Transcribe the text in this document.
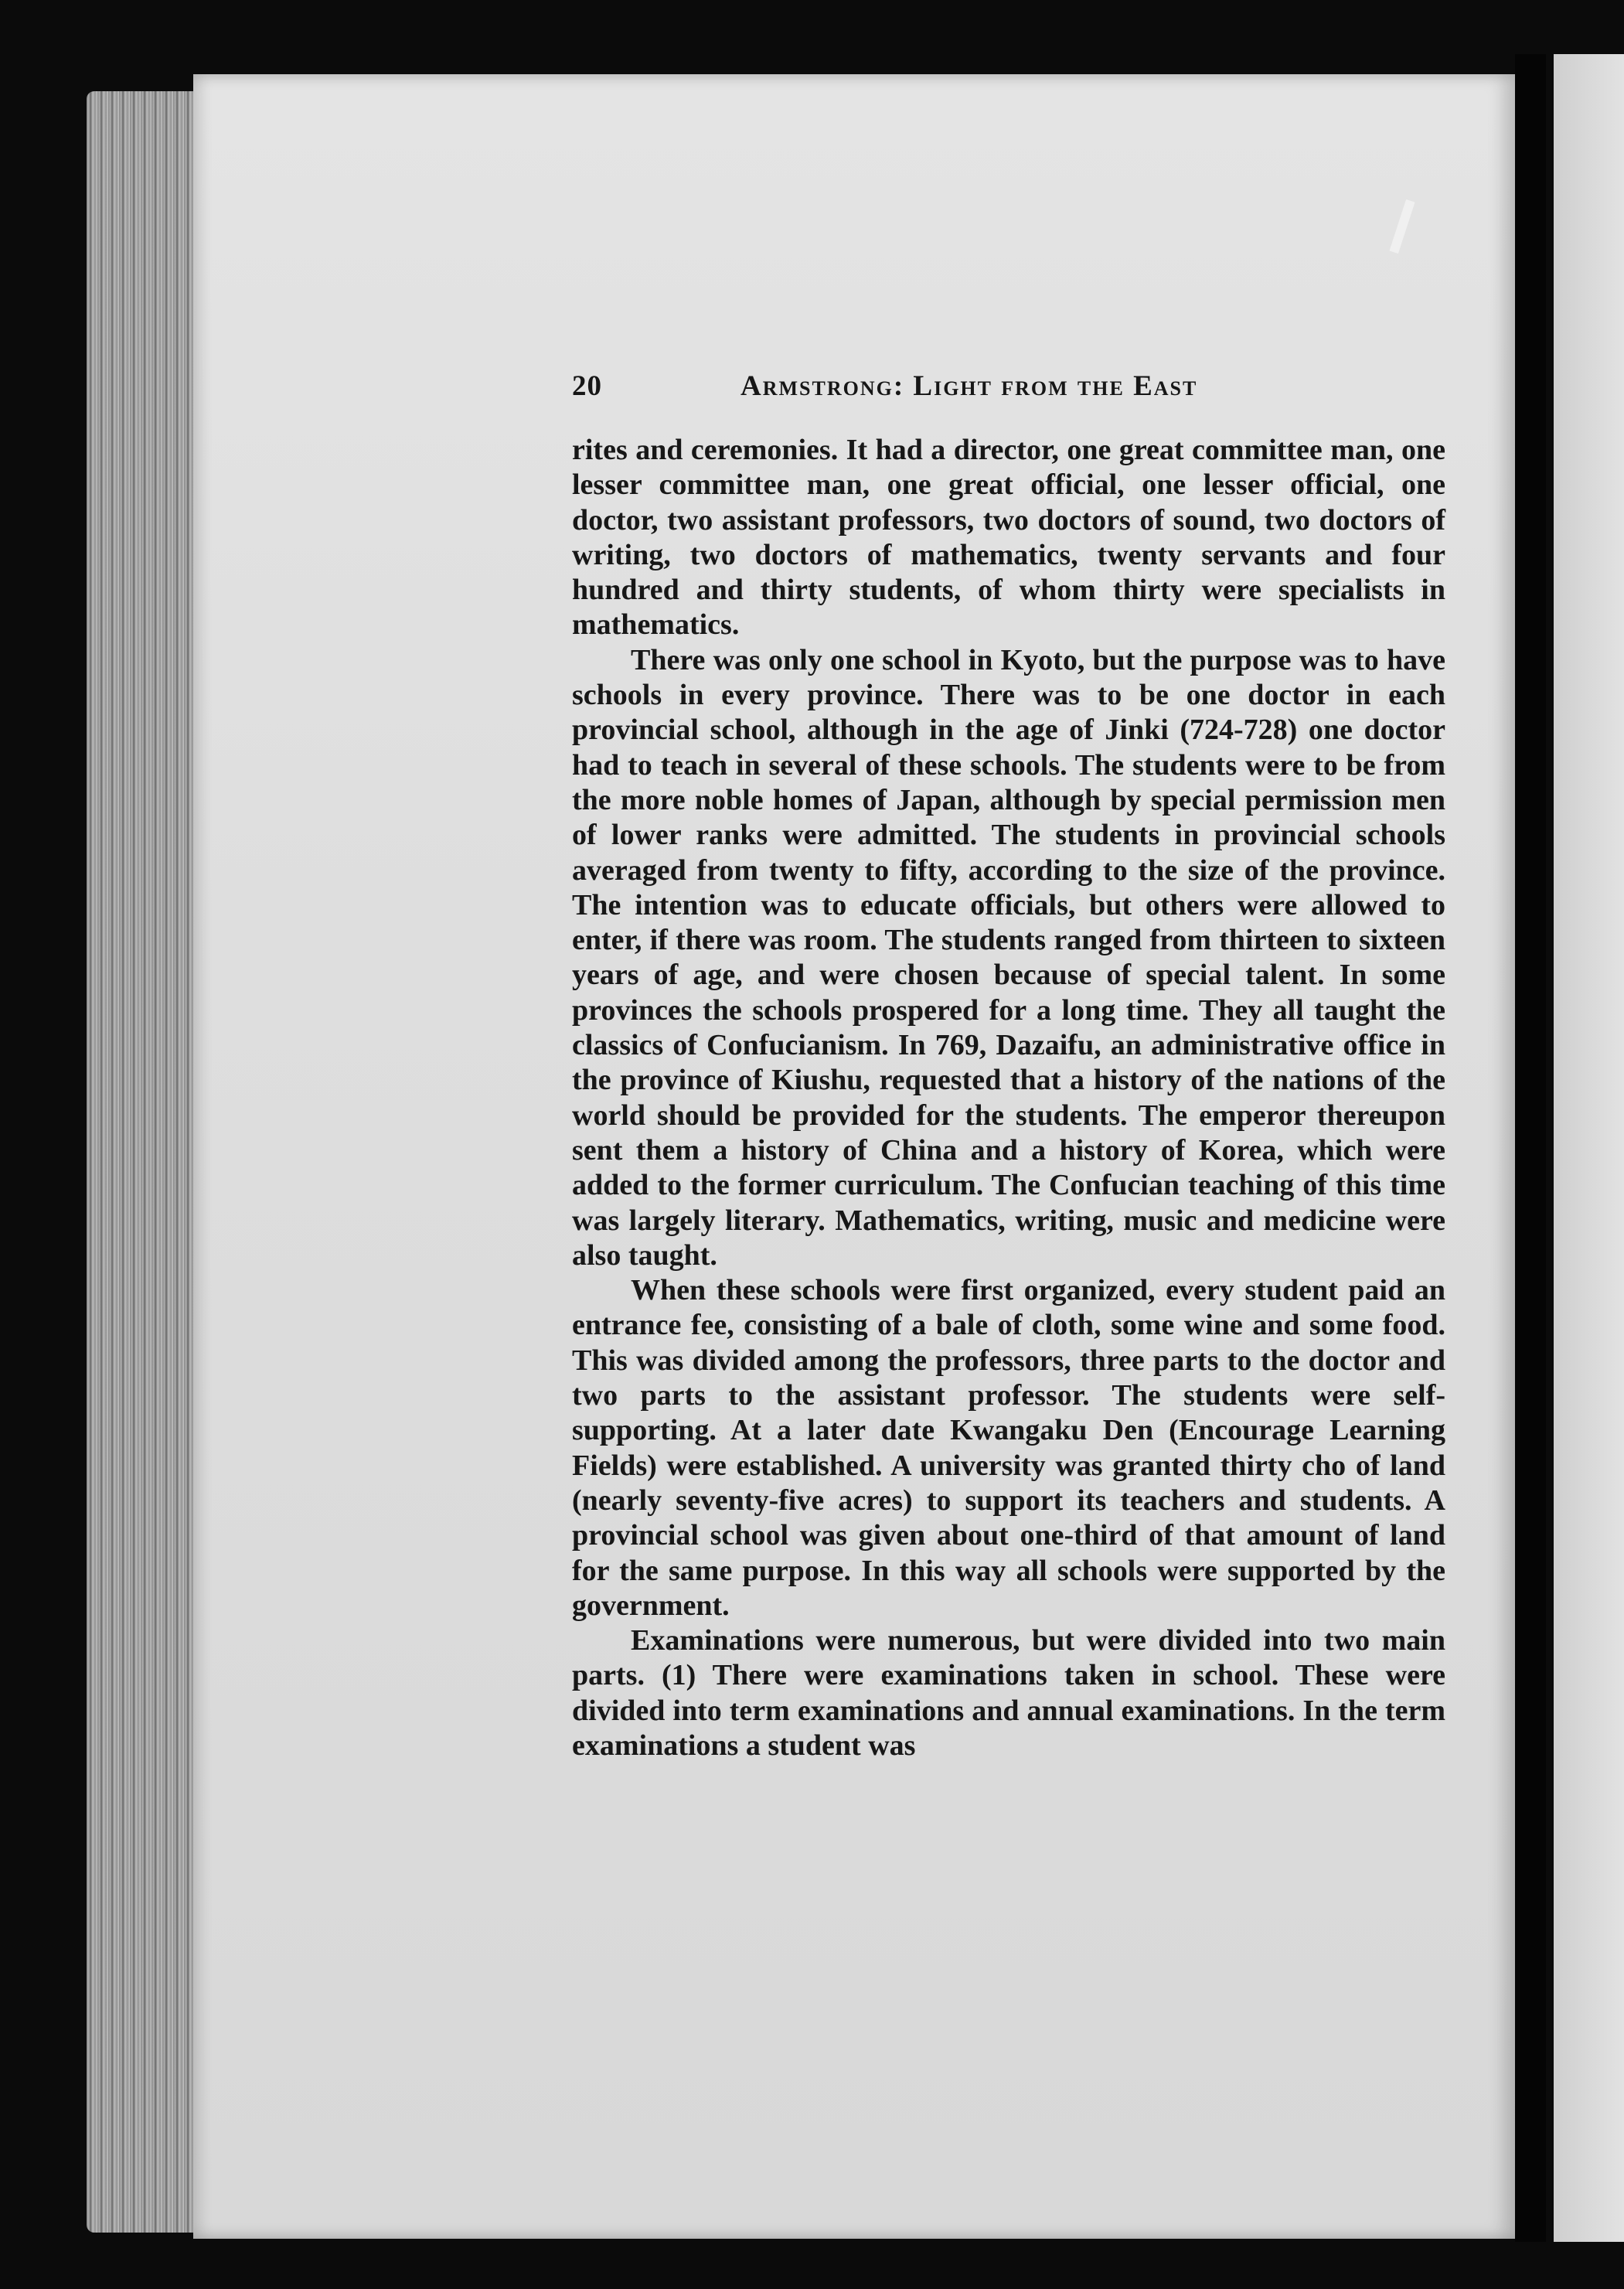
20	Armstrong: Light from the East

rites and ceremonies. It had a director, one great committee man, one lesser committee man, one great official, one lesser official, one doctor, two assistant professors, two doctors of sound, two doctors of writing, two doctors of mathematics, twenty servants and four hundred and thirty students, of whom thirty were specialists in mathematics.

There was only one school in Kyoto, but the purpose was to have schools in every province. There was to be one doctor in each provincial school, although in the age of Jinki (724-728) one doctor had to teach in several of these schools. The students were to be from the more noble homes of Japan, although by special permission men of lower ranks were admitted. The students in provincial schools averaged from twenty to fifty, according to the size of the province. The intention was to educate officials, but others were allowed to enter, if there was room. The students ranged from thirteen to sixteen years of age, and were chosen because of special talent. In some provinces the schools prospered for a long time. They all taught the classics of Confucianism. In 769, Dazaifu, an administrative office in the province of Kiushu, requested that a history of the nations of the world should be provided for the students. The emperor thereupon sent them a history of China and a history of Korea, which were added to the former curriculum. The Confucian teaching of this time was largely literary. Mathematics, writing, music and medicine were also taught.

When these schools were first organized, every student paid an entrance fee, consisting of a bale of cloth, some wine and some food. This was divided among the professors, three parts to the doctor and two parts to the assistant professor. The students were self-supporting. At a later date Kwangaku Den (Encourage Learning Fields) were established. A university was granted thirty cho of land (nearly seventy-five acres) to support its teachers and students. A provincial school was given about one-third of that amount of land for the same purpose. In this way all schools were supported by the government.

Examinations were numerous, but were divided into two main parts. (1) There were examinations taken in school. These were divided into term examinations and annual examinations. In the term examinations a student was
